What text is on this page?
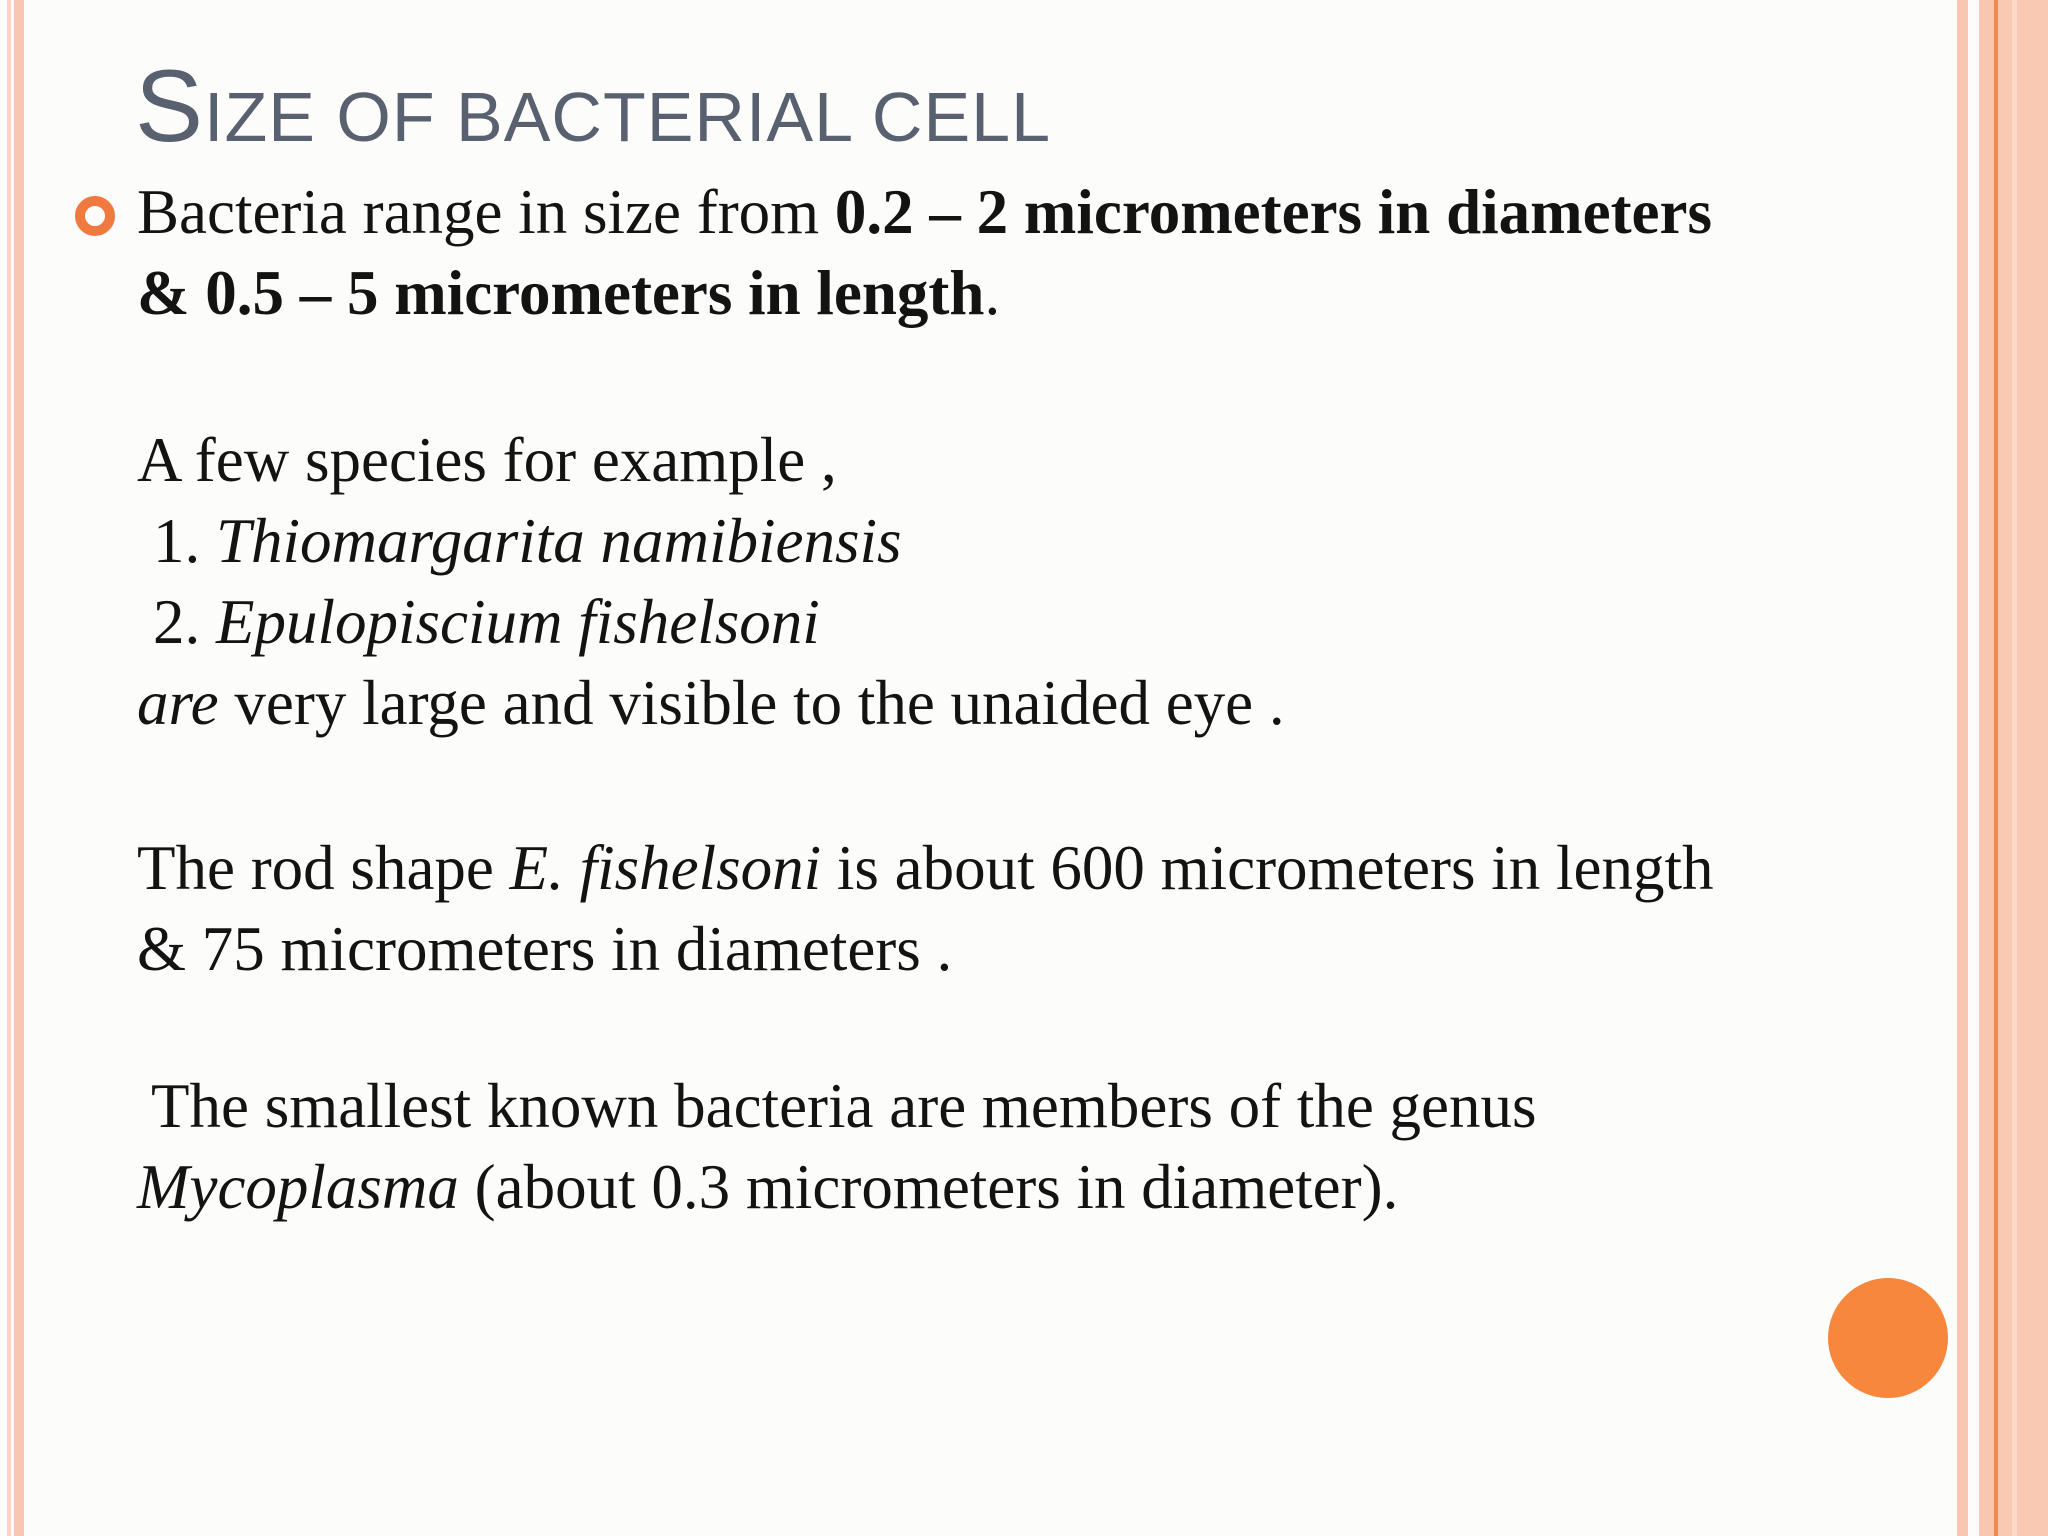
SIZE OF BACTERIAL CELL
Bacteria range in size from 0.2 – 2 micrometers in diameters
& 0.5 – 5 micrometers in length.
A few species for example ,
1. Thiomargarita namibiensis
2. Epulopiscium fishelsoni
are very large and visible to the unaided eye .
The rod shape E. fishelsoni is about 600 micrometers in length
& 75 micrometers in diameters .
The smallest known bacteria are members of the genus
Mycoplasma (about 0.3 micrometers in diameter).
